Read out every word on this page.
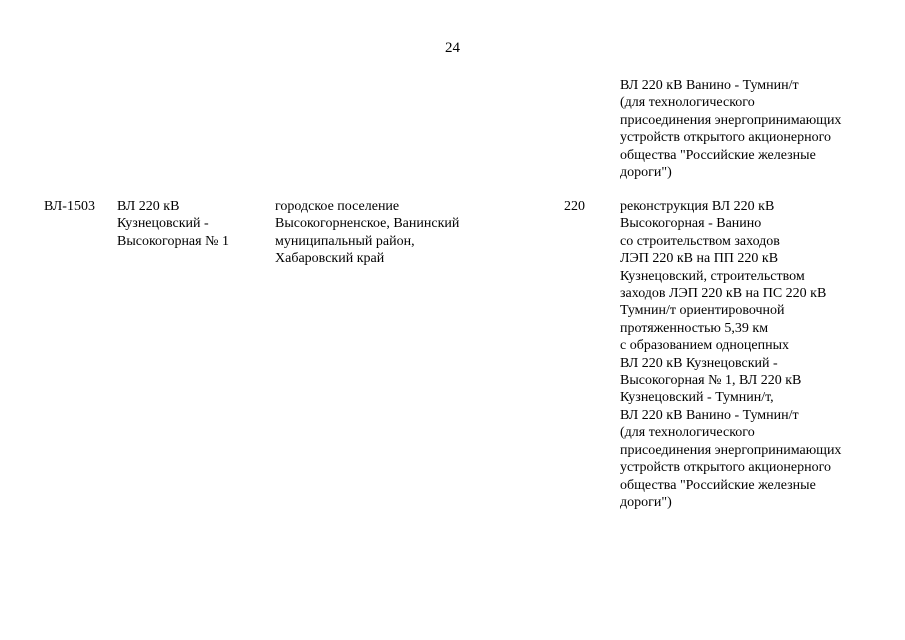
24
ВЛ 220 кВ Ванино - Тумнин/т
(для технологического
присоединения энергопринимающих
устройств открытого акционерного
общества "Российские железные
дороги")
ВЛ-1503	ВЛ 220 кВ
Кузнецовский -
Высокогорная № 1
городское поселение
Высокогорненское, Ванинский
муниципальный район,
Хабаровский край
220	реконструкция ВЛ 220 кВ
Высокогорная - Ванино
со строительством заходов
ЛЭП 220 кВ на ПП 220 кВ
Кузнецовский, строительством
заходов ЛЭП 220 кВ на ПС 220 кВ
Тумнин/т ориентировочной
протяженностью 5,39 км
с образованием одноцепных
ВЛ 220 кВ Кузнецовский -
Высокогорная № 1, ВЛ 220 кВ
Кузнецовский - Тумнин/т,
ВЛ 220 кВ Ванино - Тумнин/т
(для технологического
присоединения энергопринимающих
устройств открытого акционерного
общества "Российские железные
дороги")
